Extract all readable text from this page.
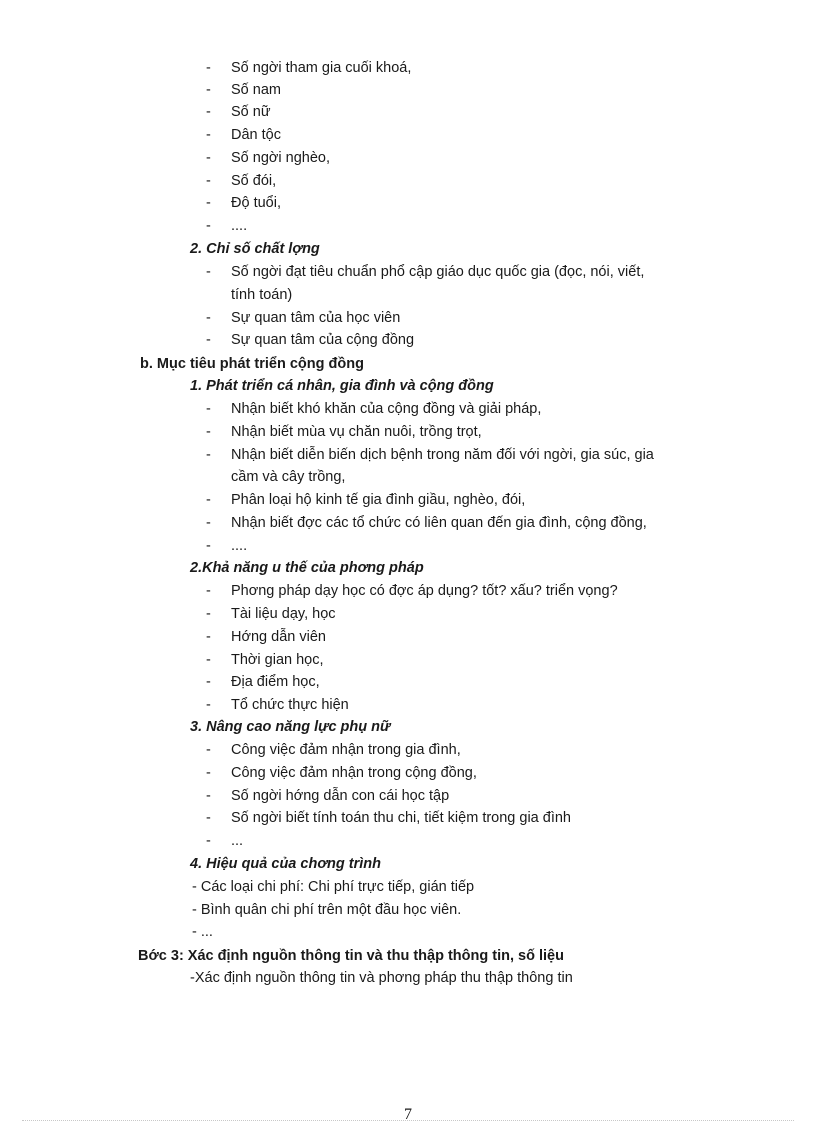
- Số ngời tham gia cuối khoá,
- Số nam
- Số nữ
- Dân tộc
- Số ngời nghèo,
- Số đói,
- Độ tuổi,
- ....
2. Chỉ số chất lợng
- Số ngời đạt tiêu chuẩn phổ cập giáo dục quốc gia (đọc, nói, viết,
tính toán)
- Sự quan tâm của học viên
- Sự quan tâm của cộng đồng
b. Mục tiêu phát triển cộng đồng
1. Phát triển cá nhân, gia đình và cộng đồng
- Nhận biết khó khăn của cộng đồng và giải pháp,
- Nhận biết mùa vụ chăn nuôi, trồng trọt,
- Nhận biết diễn biến dịch bệnh trong năm đối với ngời, gia súc, gia
cầm và cây trồng,
- Phân loại hộ kinh tế gia đình giầu, nghèo, đói,
- Nhận biết đợc các tổ chức có liên quan đến gia đình, cộng đồng,
- ....
2.Khả năng u thế của phơng pháp
- Phơng pháp dạy học có đợc áp dụng? tốt? xấu? triển vọng?
- Tài liệu dạy, học
- Hớng dẫn viên
- Thời gian học,
- Địa điểm học,
- Tổ chức thực hiện
3. Nâng cao năng lực phụ nữ
- Công việc đảm nhận trong gia đình,
- Công việc đảm nhận trong cộng đồng,
- Số ngời hớng dẫn con cái học tập
- Số ngời biết tính toán thu chi, tiết kiệm trong gia đình
- ...
4. Hiệu quả của chơng trình
- Các loại chi phí: Chi phí trực tiếp, gián tiếp
- Bình quân chi phí trên một đầu học viên.
- ...
Bớc 3: Xác định nguồn thông tin và thu thập thông tin, số liệu
-Xác định nguồn thông tin và phơng pháp thu thập thông tin
7
